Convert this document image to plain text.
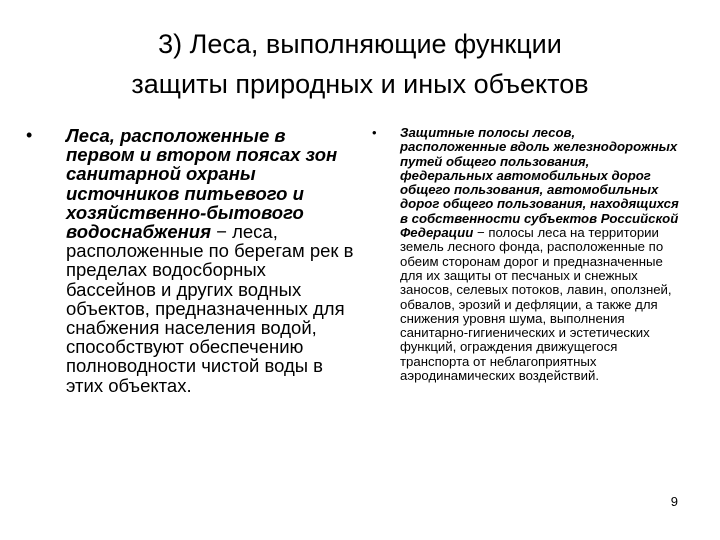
3) Леса, выполняющие функции
защиты природных и иных объектов
•	Леса, расположенные в первом и втором поясах зон санитарной охраны источников питьевого и хозяйственно-бытового водоснабжения − леса, расположенные по берегам рек в пределах водосборных бассейнов и других водных объектов, предназначенных для снабжения населения водой, способствуют обеспечению полноводности чистой воды в этих объектах.
•	Защитные полосы лесов, расположенные вдоль железнодорожных путей общего пользования, федеральных автомобильных дорог общего пользования, автомобильных дорог общего пользования, находящихся в собственности субъектов Российской Федерации − полосы леса на территории земель лесного фонда, расположенные по обеим сторонам дорог и предназначенные для их защиты от песчаных и снежных заносов, селевых потоков, лавин, оползней, обвалов, эрозий и дефляции, а также для снижения уровня шума, выполнения санитарно-гигиенических и эстетических функций, ограждения движущегося транспорта от неблагоприятных аэродинамических воздействий.
9
